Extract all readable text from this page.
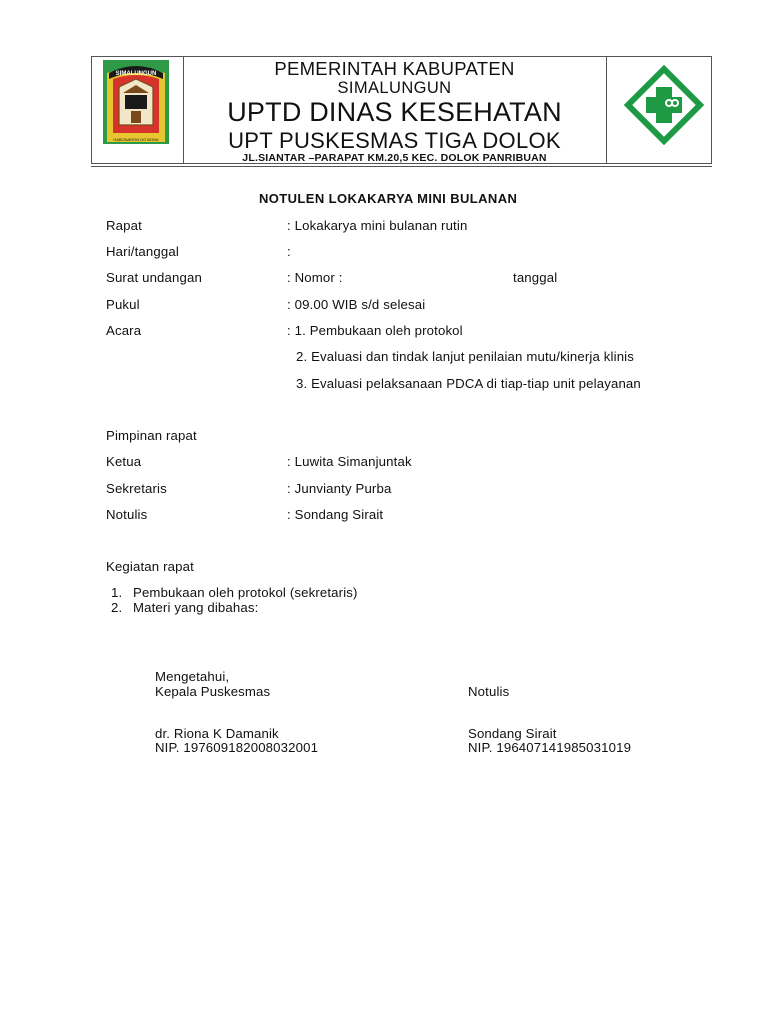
SIMALUNGUN
HABONARON DO BONA
PEMERINTAH KABUPATEN
SIMALUNGUN
UPTD DINAS KESEHATAN
UPT PUSKESMAS TIGA DOLOK
JL.SIANTAR –PARAPAT KM.20,5 KEC. DOLOK PANRIBUAN
NOTULEN LOKAKARYA MINI BULANAN
Rapat	: Lokakarya mini bulanan rutin
Hari/tanggal	:
Surat undangan	: Nomor :	tanggal
Pukul	: 09.00 WIB s/d selesai
Acara	: 1. Pembukaan oleh protokol
2. Evaluasi dan tindak lanjut penilaian mutu/kinerja klinis
3. Evaluasi pelaksanaan PDCA di tiap-tiap unit pelayanan
Pimpinan rapat
Ketua	: Luwita Simanjuntak
Sekretaris	: Junvianty Purba
Notulis	: Sondang Sirait
Kegiatan rapat
1. Pembukaan oleh protokol (sekretaris)
2. Materi yang dibahas:
Mengetahui,
Kepala Puskesmas	Notulis
dr. Riona K Damanik
NIP. 197609182008032001
Sondang Sirait
NIP. 196407141985031019
